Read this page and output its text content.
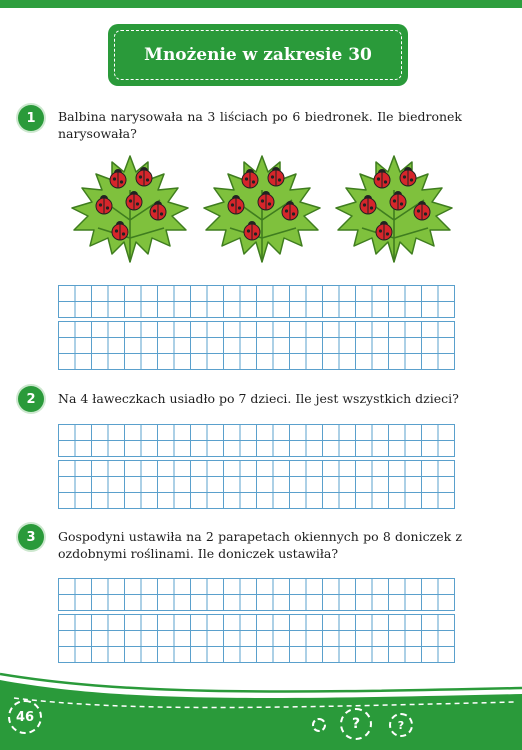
Mnożenie w zakresie 30
1	Balbina narysowała na 3 liściach po 6 biedronek. Ile biedronek narysowała?

2	Na 4 ławeczkach usiadło po 7 dzieci. Ile jest wszystkich dzieci?

3	Gospodyni ustawiła na 2 parapetach okiennych po 8 doniczek z ozdobnymi roślinami. Ile doniczek ustawiła?

46	?	?
